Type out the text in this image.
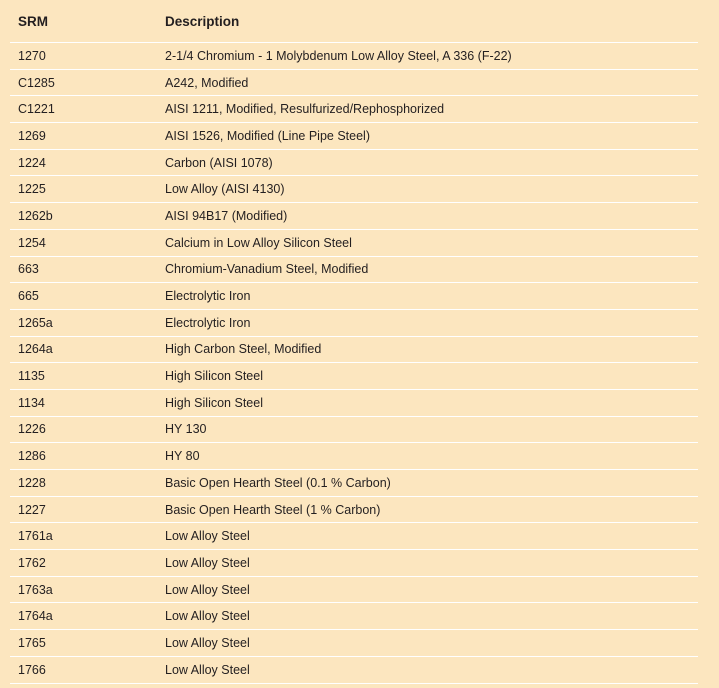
SRM	Description
1270	2-1/4 Chromium - 1 Molybdenum Low Alloy Steel, A 336 (F-22)
C1285	A242, Modified
C1221	AISI 1211, Modified, Resulfurized/Rephosphorized
1269	AISI 1526, Modified (Line Pipe Steel)
1224	Carbon (AISI 1078)
1225	Low Alloy (AISI 4130)
1262b	AISI 94B17 (Modified)
1254	Calcium in Low Alloy Silicon Steel
663	Chromium-Vanadium Steel, Modified
665	Electrolytic Iron
1265a	Electrolytic Iron
1264a	High Carbon Steel, Modified
1135	High Silicon Steel
1134	High Silicon Steel
1226	HY 130
1286	HY 80
1228	Basic Open Hearth Steel (0.1 % Carbon)
1227	Basic Open Hearth Steel (1 % Carbon)
1761a	Low Alloy Steel
1762	Low Alloy Steel
1763a	Low Alloy Steel
1764a	Low Alloy Steel
1765	Low Alloy Steel
1766	Low Alloy Steel
